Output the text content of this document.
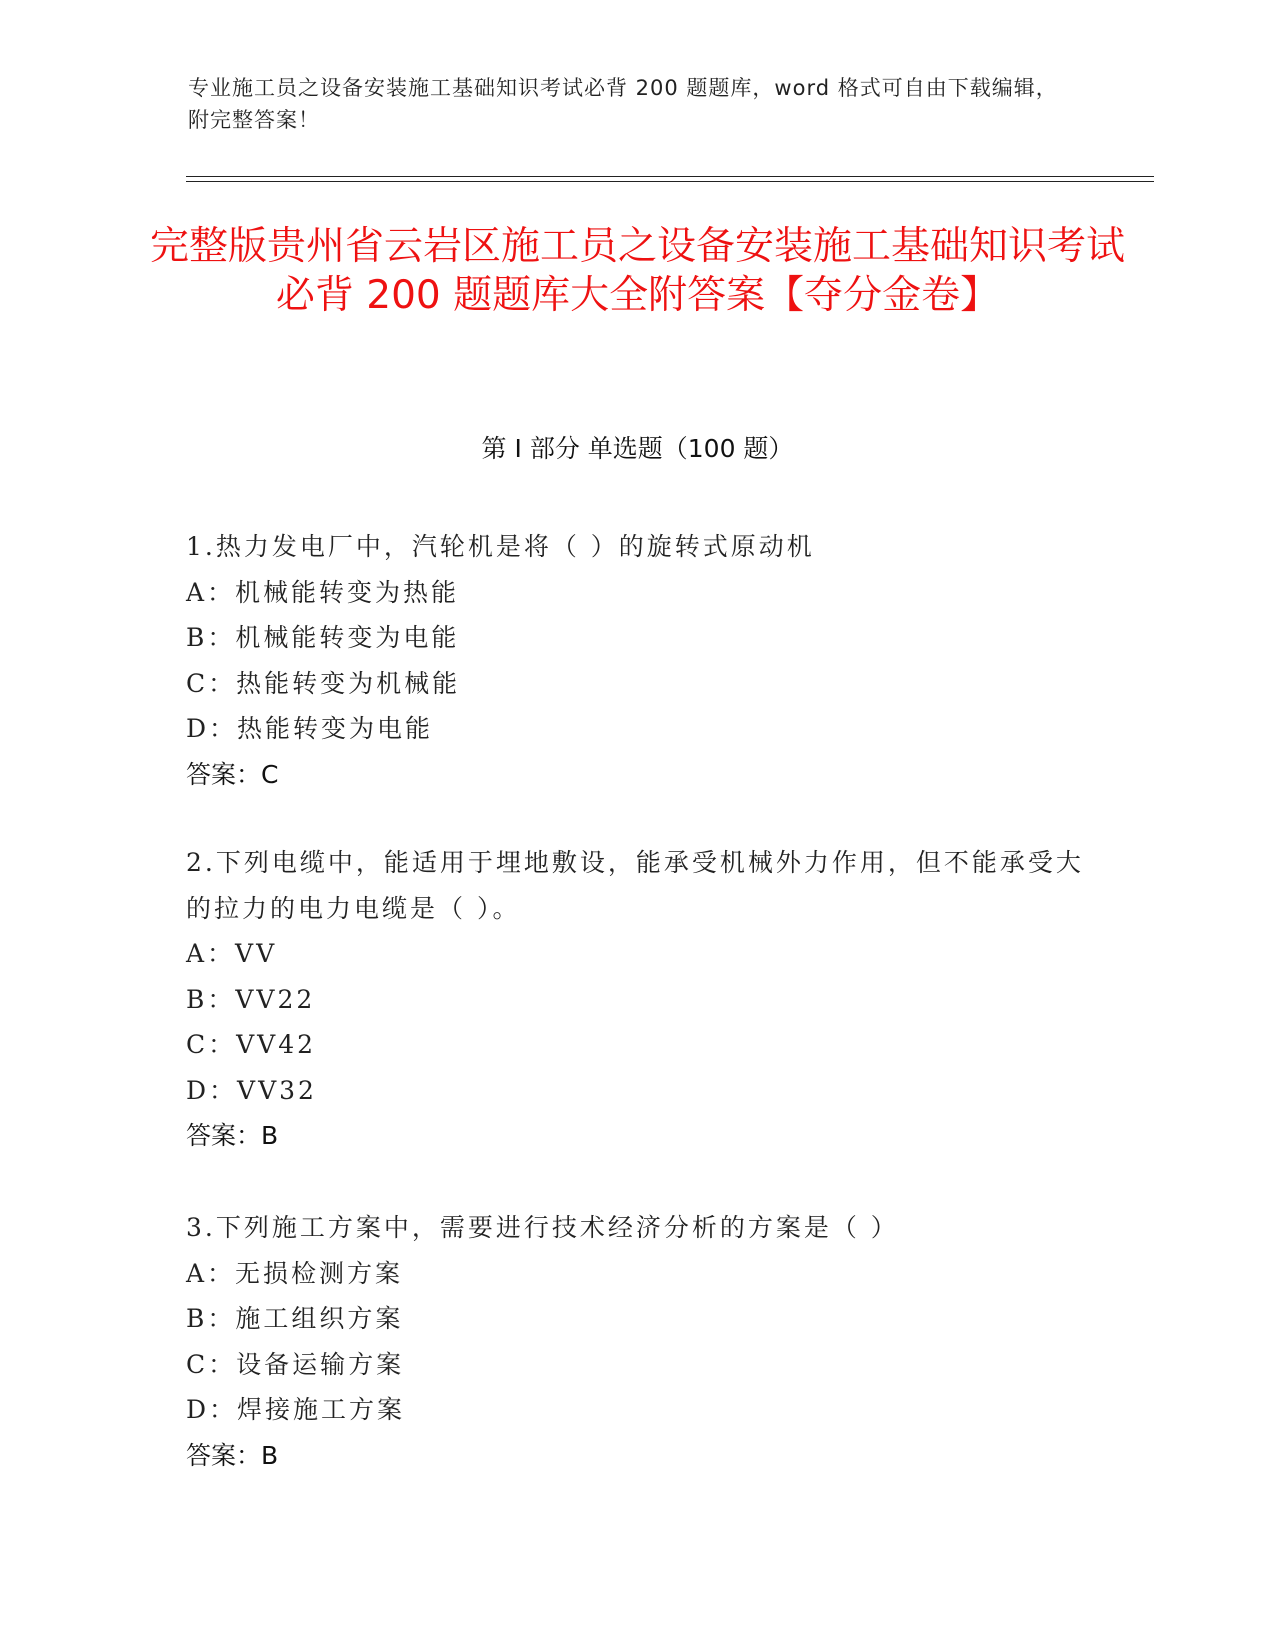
专业施工员之设备安装施工基础知识考试必背 200 题题库，word 格式可自由下载编辑，附完整答案！
完整版贵州省云岩区施工员之设备安装施工基础知识考试必背 200 题题库大全附答案【夺分金卷】
第 I 部分 单选题（100 题）
1.热力发电厂中，汽轮机是将（ ）的旋转式原动机
A：机械能转变为热能
B：机械能转变为电能
C：热能转变为机械能
D：热能转变为电能
答案：C
2.下列电缆中，能适用于埋地敷设，能承受机械外力作用，但不能承受大的拉力的电力电缆是（ ）。
A：VV
B：VV22
C：VV42
D：VV32
答案：B
3.下列施工方案中，需要进行技术经济分析的方案是（ ）
A：无损检测方案
B：施工组织方案
C：设备运输方案
D：焊接施工方案
答案：B
